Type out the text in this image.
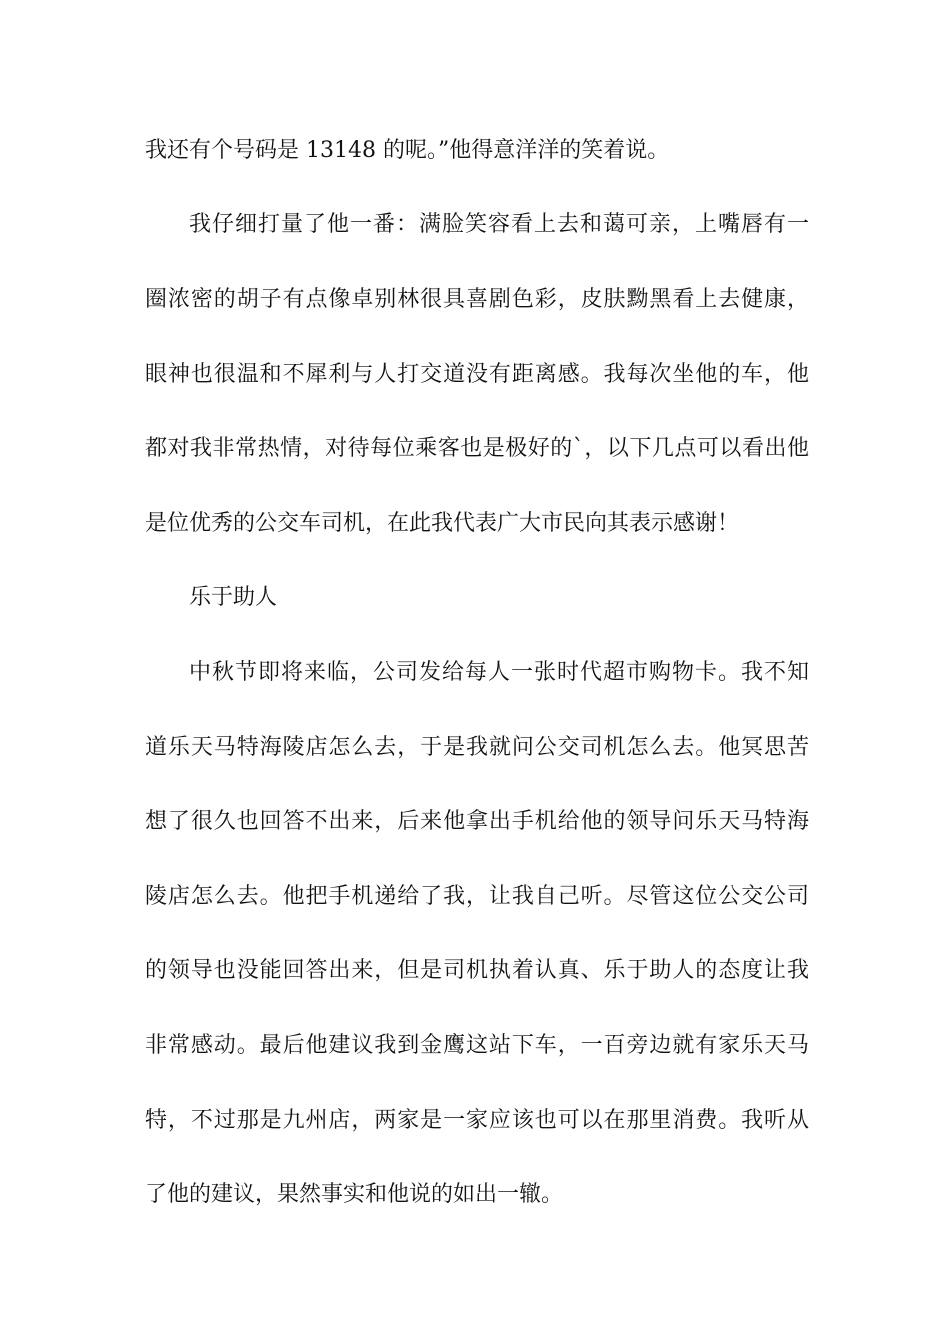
我还有个号码是 13148 的呢。”他得意洋洋的笑着说。
我仔细打量了他一番：满脸笑容看上去和蔼可亲，上嘴唇有一
圈浓密的胡子有点像卓别林很具喜剧色彩，皮肤黝黑看上去健康，
眼神也很温和不犀利与人打交道没有距离感。我每次坐他的车，他
都对我非常热情，对待每位乘客也是极好的`，以下几点可以看出他
是位优秀的公交车司机，在此我代表广大市民向其表示感谢！
乐于助人
中秋节即将来临，公司发给每人一张时代超市购物卡。我不知
道乐天马特海陵店怎么去，于是我就问公交司机怎么去。他冥思苦
想了很久也回答不出来，后来他拿出手机给他的领导问乐天马特海
陵店怎么去。他把手机递给了我，让我自己听。尽管这位公交公司
的领导也没能回答出来，但是司机执着认真、乐于助人的态度让我
非常感动。最后他建议我到金鹰这站下车，一百旁边就有家乐天马
特，不过那是九州店，两家是一家应该也可以在那里消费。我听从
了他的建议，果然事实和他说的如出一辙。
